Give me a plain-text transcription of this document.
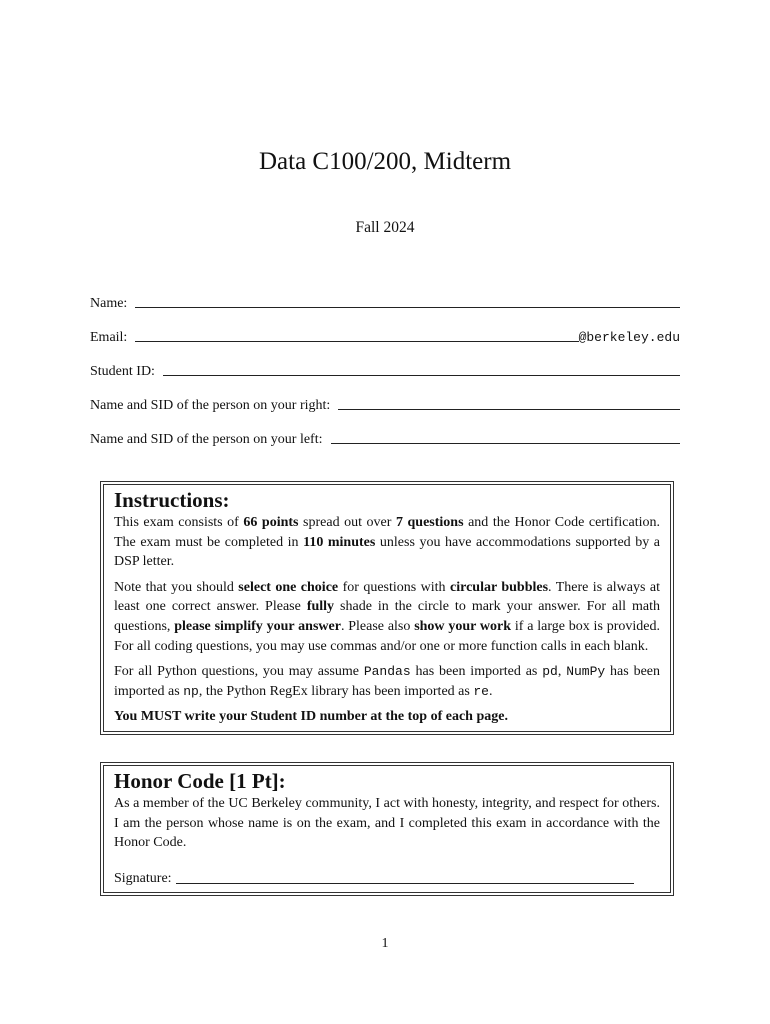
Data C100/200, Midterm
Fall 2024
Name:
Email:	@berkeley.edu
Student ID:
Name and SID of the person on your right:
Name and SID of the person on your left:
Instructions:

This exam consists of 66 points spread out over 7 questions and the Honor Code certification. The exam must be completed in 110 minutes unless you have accommodations supported by a DSP letter.

Note that you should select one choice for questions with circular bubbles. There is always at least one correct answer. Please fully shade in the circle to mark your answer. For all math questions, please simplify your answer. Please also show your work if a large box is provided. For all coding questions, you may use commas and/or one or more function calls in each blank.

For all Python questions, you may assume Pandas has been imported as pd, NumPy has been imported as np, the Python RegEx library has been imported as re.

You MUST write your Student ID number at the top of each page.

Honor Code [1 Pt]:

As a member of the UC Berkeley community, I act with honesty, integrity, and respect for others. I am the person whose name is on the exam, and I completed this exam in accordance with the Honor Code.

Signature:
1
